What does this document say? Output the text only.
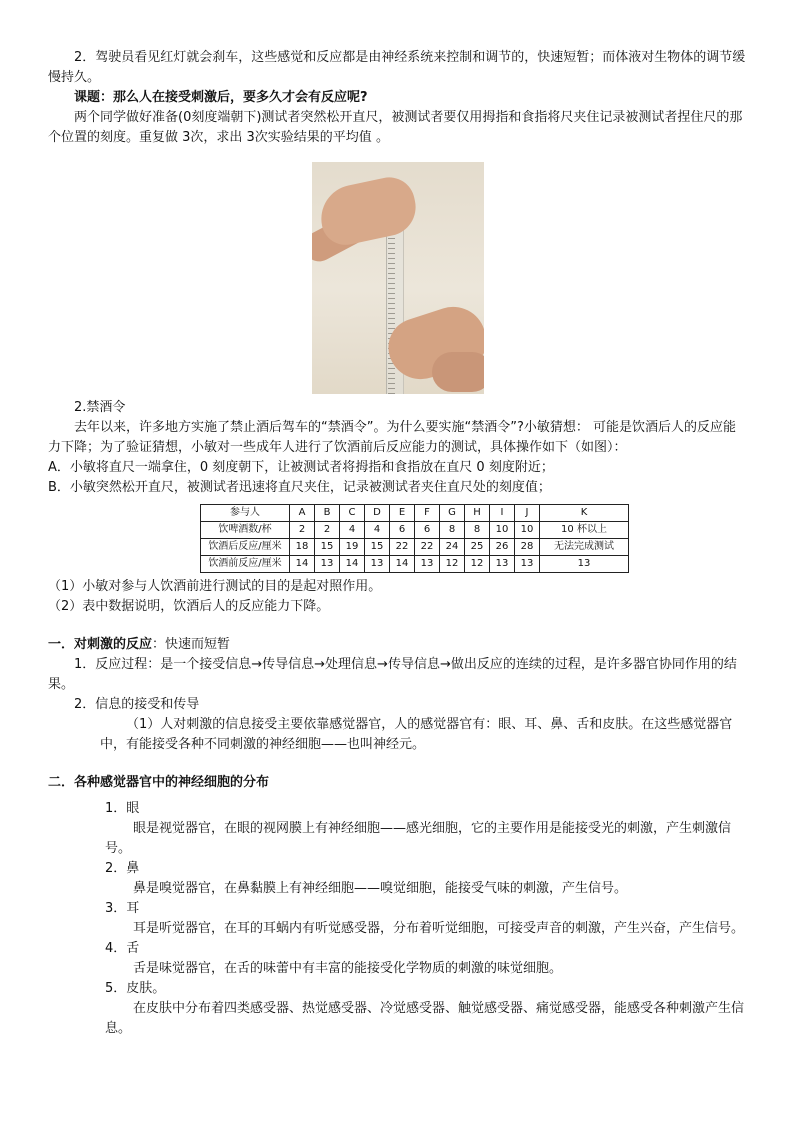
2．驾驶员看见红灯就会刹车，这些感觉和反应都是由神经系统来控制和调节的，快速短暂；而体液对生物体的调节缓慢持久。

课题：那么人在接受刺激后，要多久才会有反应呢?

两个同学做好准备(0刻度端朝下)测试者突然松开直尺，被测试者要仅用拇指和食指将尺夹住记录被测试者捏住尺的那个位置的刻度。重复做 3次，求出 3次实验结果的平均值 。

2.禁酒令

去年以来，许多地方实施了禁止酒后驾车的“禁酒令”。为什么要实施“禁酒令”?小敏猜想： 可能是饮酒后人的反应能力下降；为了验证猜想，小敏对一些成年人进行了饮酒前后反应能力的测试，具体操作如下（如图）：

A．小敏将直尺一端拿住，0 刻度朝下，让被测试者将拇指和食指放在直尺 0 刻度附近；

B．小敏突然松开直尺，被测试者迅速将直尺夹住，记录被测试者夹住直尺处的刻度值；

参与人	A	B	C	D	E	F	G	H	I	J	K
饮啤酒数/杯	2	2	4	4	6	6	8	8	10	10	10 杯以上
饮酒后反应/厘米	18	15	19	15	22	22	24	25	26	28	无法完成测试
饮酒前反应/厘米	14	13	14	13	14	13	12	12	13	13	13

（1）小敏对参与人饮酒前进行测试的目的是起对照作用。

（2）表中数据说明，饮酒后人的反应能力下降。

一．对刺激的反应：快速而短暂

1．反应过程：是一个接受信息→传导信息→处理信息→传导信息→做出反应的连续的过程，是许多器官协同作用的结果。

2．信息的接受和传导

（1）人对刺激的信息接受主要依靠感觉器官，人的感觉器官有：眼、耳、鼻、舌和皮肤。在这些感觉器官中，有能接受各种不同刺激的神经细胞——也叫神经元。

二．各种感觉器官中的神经细胞的分布

1．眼

眼是视觉器官，在眼的视网膜上有神经细胞——感光细胞，它的主要作用是能接受光的刺激，产生刺激信号。

2．鼻

鼻是嗅觉器官，在鼻黏膜上有神经细胞——嗅觉细胞，能接受气味的刺激，产生信号。

3．耳

耳是听觉器官，在耳的耳蜗内有听觉感受器，分布着听觉细胞，可接受声音的刺激，产生兴奋，产生信号。

4．舌

舌是味觉器官，在舌的味蕾中有丰富的能接受化学物质的刺激的味觉细胞。

5．皮肤。

在皮肤中分布着四类感受器、热觉感受器、冷觉感受器、触觉感受器、痛觉感受器，能感受各种刺激产生信息。
